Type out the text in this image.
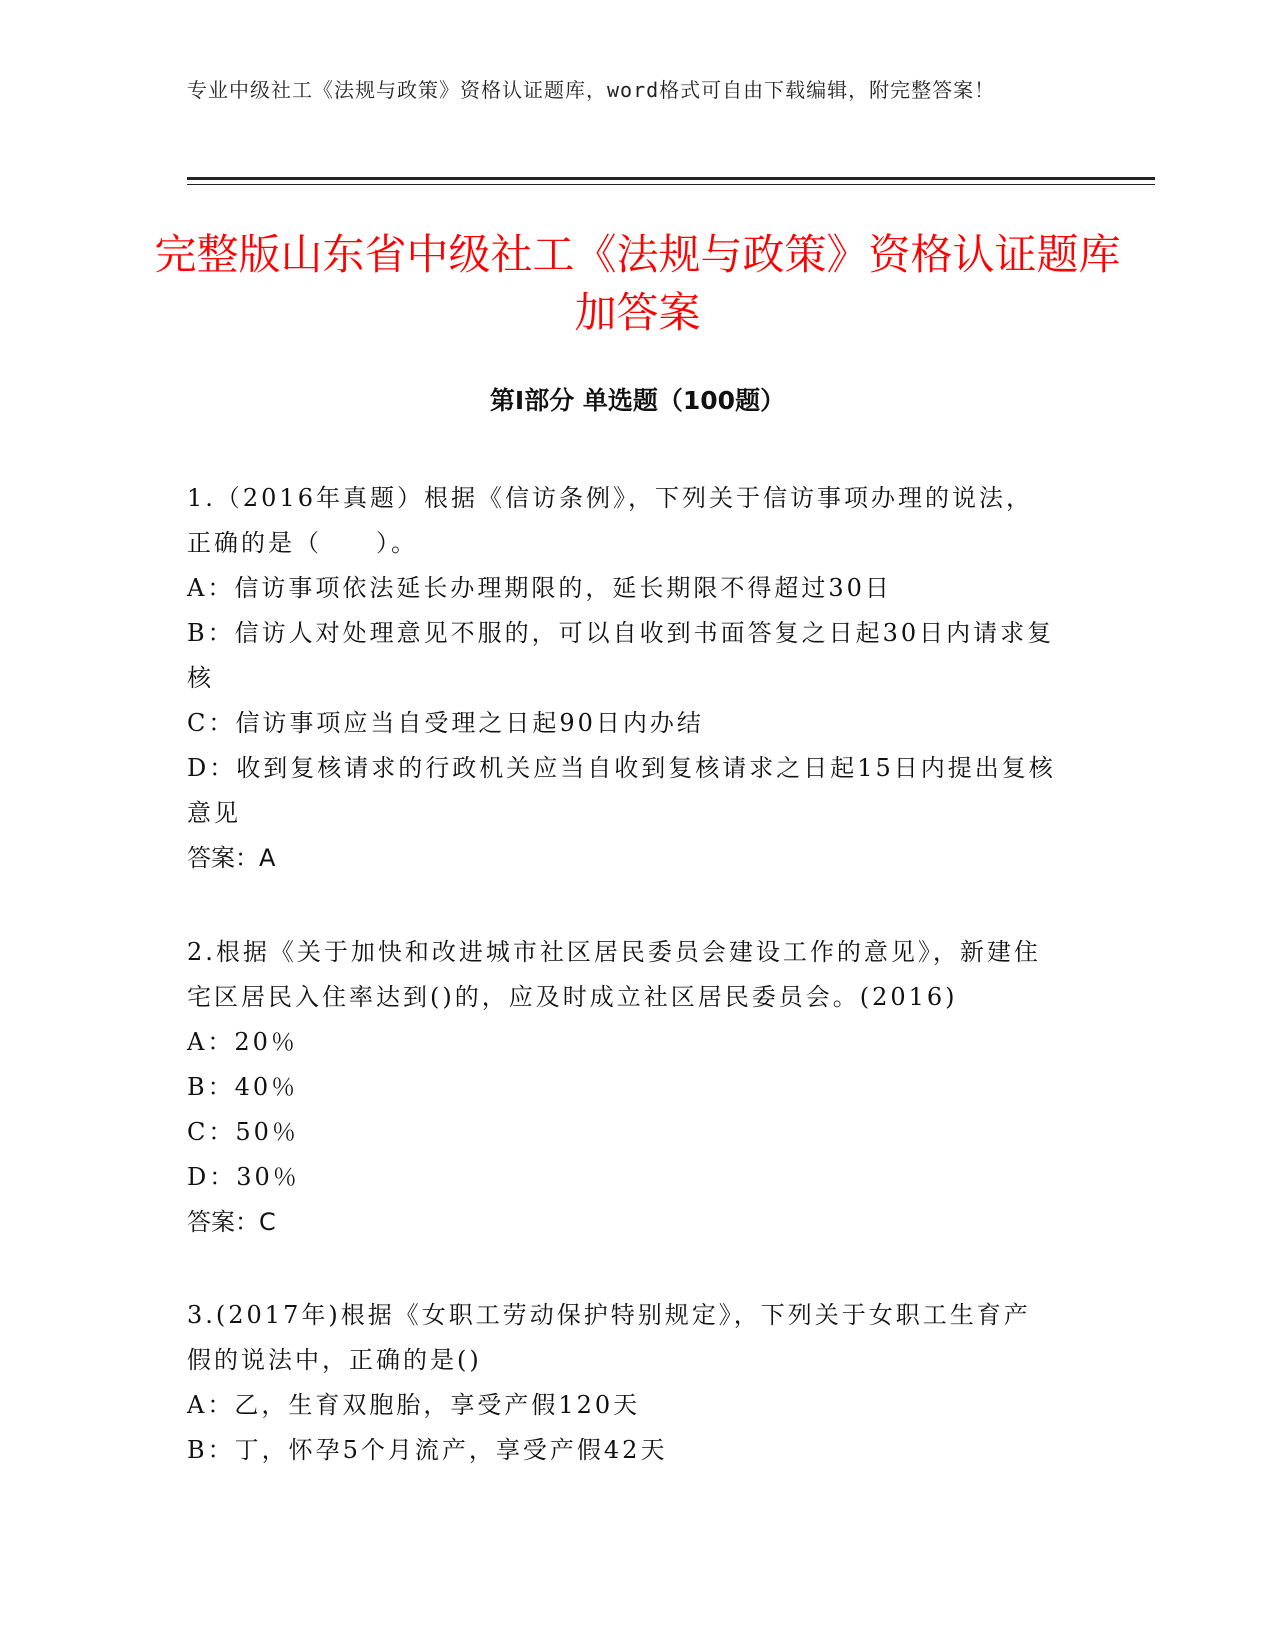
专业中级社工《法规与政策》资格认证题库，word格式可自由下载编辑，附完整答案！
完整版山东省中级社工《法规与政策》资格认证题库加答案
第I部分 单选题（100题）

1.（2016年真题）根据《信访条例》，下列关于信访事项办理的说法，正确的是（　　）。

A：信访事项依法延长办理期限的，延长期限不得超过30日

B：信访人对处理意见不服的，可以自收到书面答复之日起30日内请求复核

C：信访事项应当自受理之日起90日内办结

D：收到复核请求的行政机关应当自收到复核请求之日起15日内提出复核意见

答案：A

2.根据《关于加快和改进城市社区居民委员会建设工作的意见》，新建住宅区居民入住率达到()的，应及时成立社区居民委员会。(2016)

A：20％

B：40％

C：50％

D：30％

答案：C

3.(2017年)根据《女职工劳动保护特别规定》，下列关于女职工生育产假的说法中，正确的是()

A：乙，生育双胞胎，享受产假120天

B：丁，怀孕5个月流产，享受产假42天
